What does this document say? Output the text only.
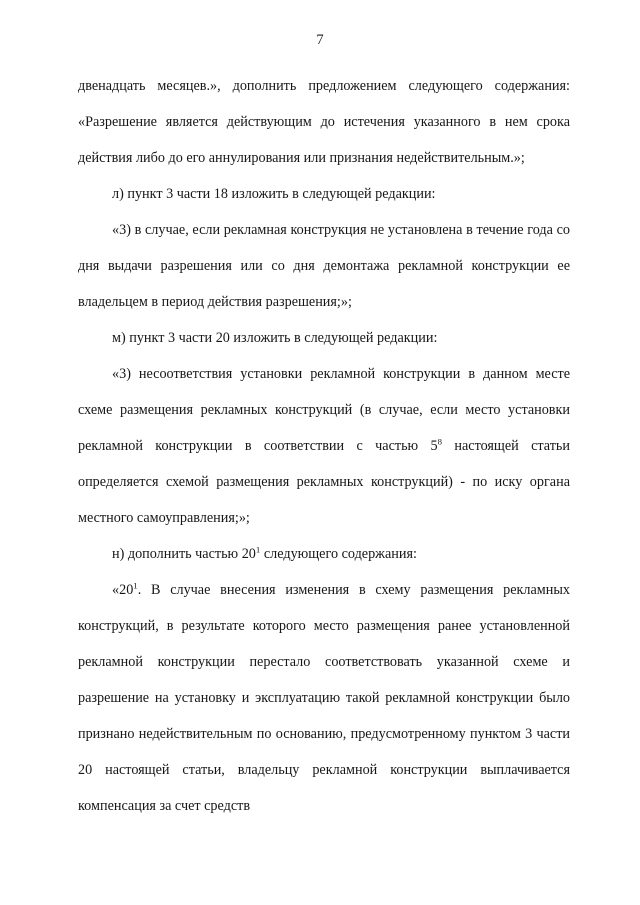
7

двенадцать месяцев.», дополнить предложением следующего содержания: «Разрешение является действующим до истечения указанного в нем срока действия либо до его аннулирования или признания недействительным.»;

л) пункт 3 части 18 изложить в следующей редакции:

«3) в случае, если рекламная конструкция не установлена в течение года со дня выдачи разрешения или со дня демонтажа рекламной конструкции ее владельцем в период действия разрешения;»;

м) пункт 3 части 20 изложить в следующей редакции:

«3) несоответствия установки рекламной конструкции в данном месте схеме размещения рекламных конструкций (в случае, если место установки рекламной конструкции в соответствии с частью $5^8$ настоящей статьи определяется схемой размещения рекламных конструкций) - по иску органа местного самоуправления;»;

н) дополнить частью $20^1$ следующего содержания:

«$20^1$. В случае внесения изменения в схему размещения рекламных конструкций, в результате которого место размещения ранее установленной рекламной конструкции перестало соответствовать указанной схеме и разрешение на установку и эксплуатацию такой рекламной конструкции было признано недействительным по основанию, предусмотренному пунктом 3 части 20 настоящей статьи, владельцу рекламной конструкции выплачивается компенсация за счет средств
